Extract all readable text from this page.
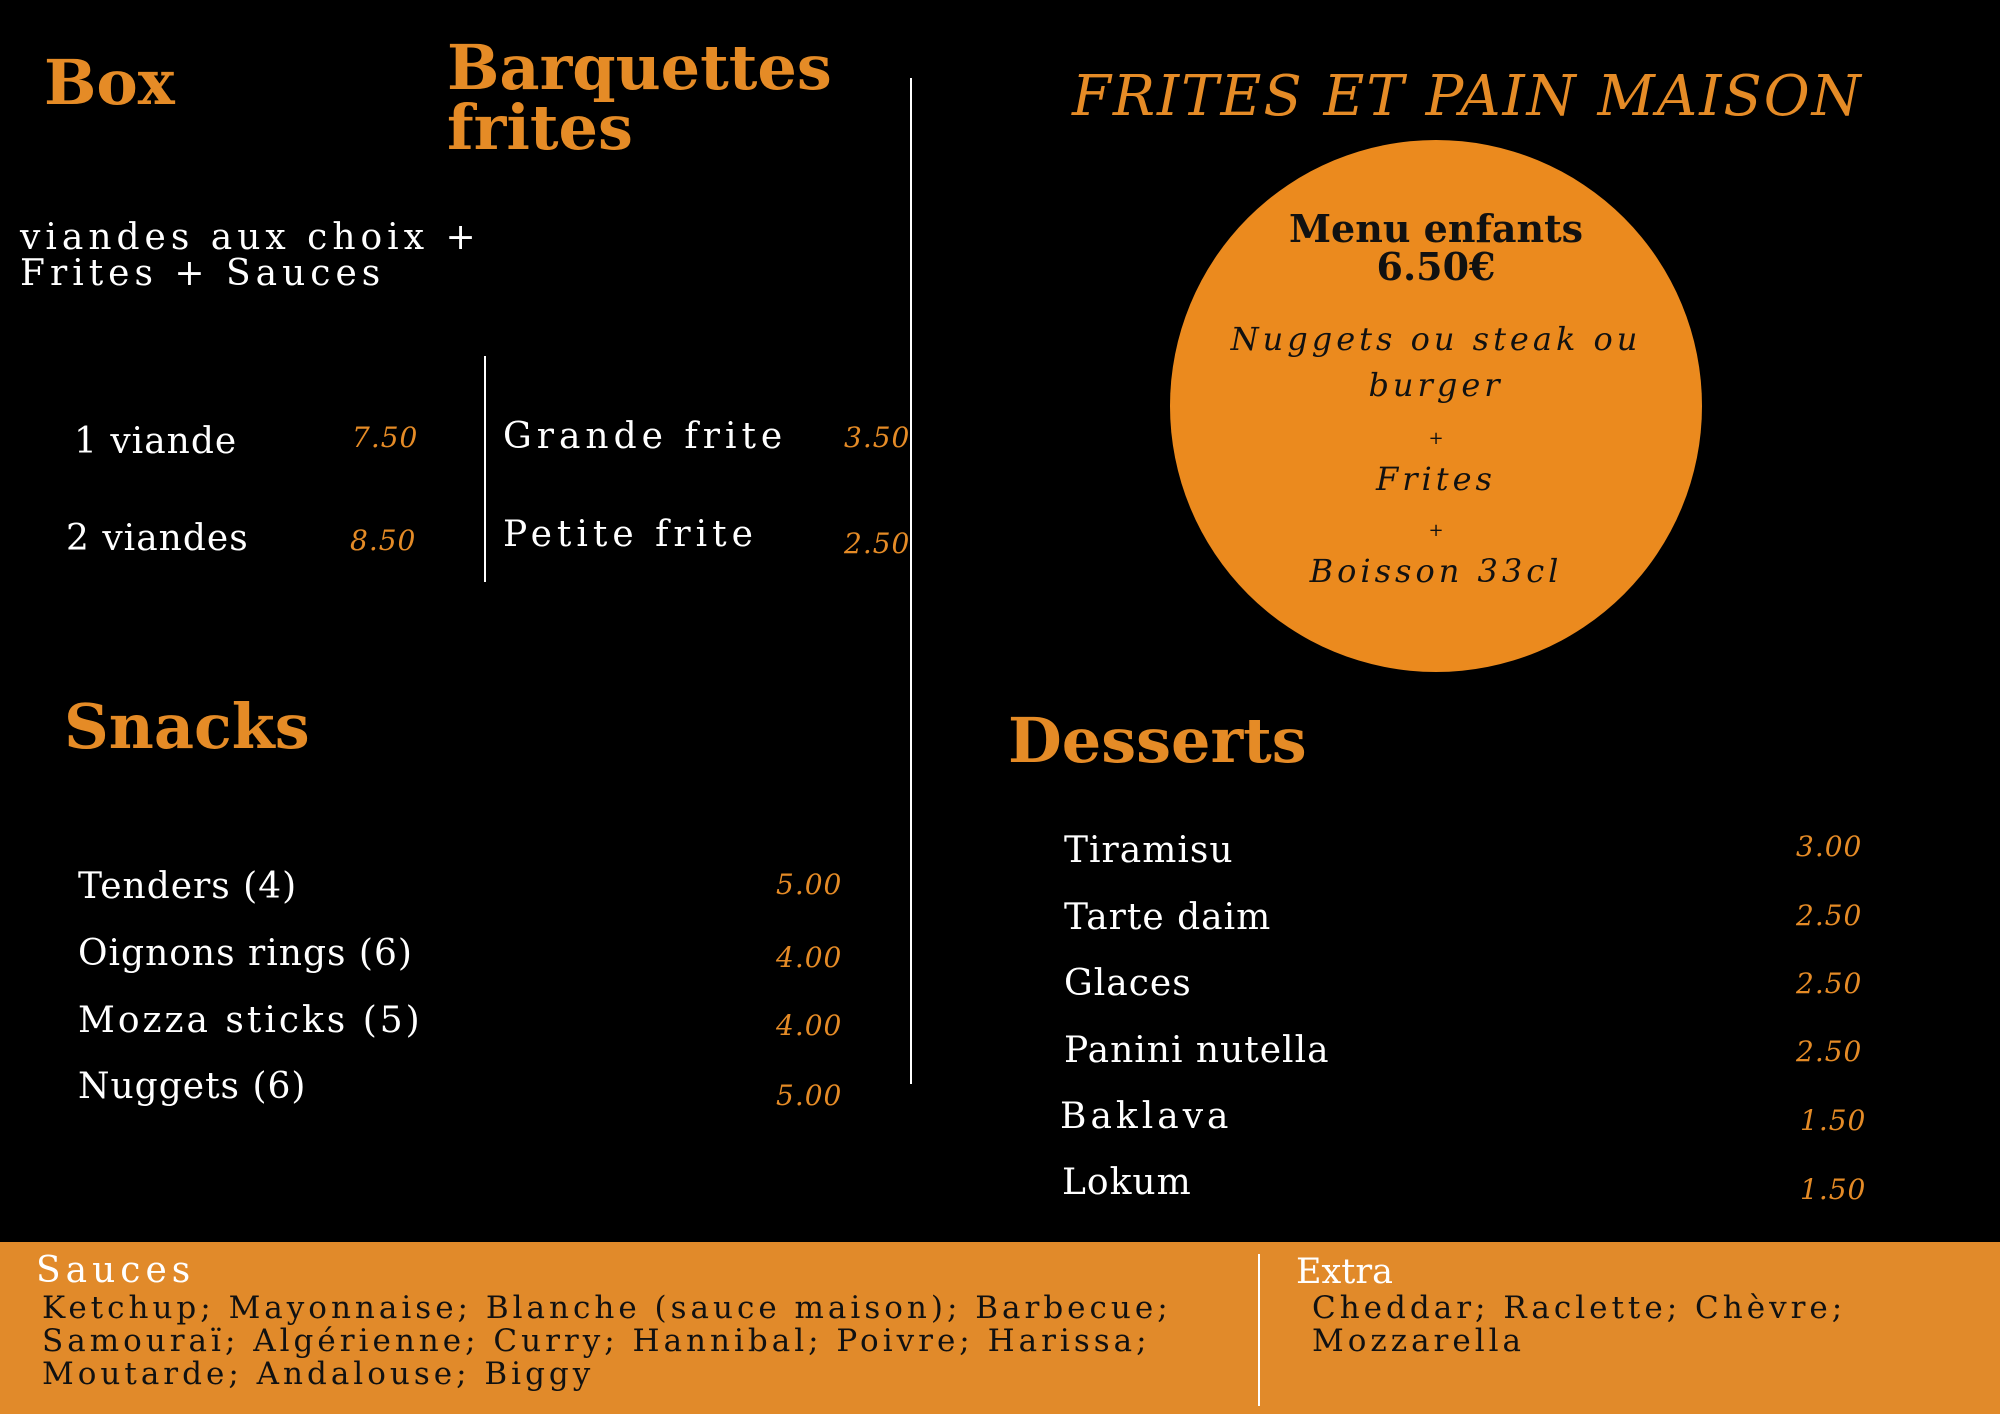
Box
viandes aux choix +
Frites + Sauces
1 viande	7.50
2 viandes	8.50
Barquettes
frites
Grande frite 3.50
Petite frite	2.50
Snacks
Tenders (4)	5.00
Oignons rings (6)	4.00
Mozza sticks (5)	4.00
Nuggets (6)	5.00
FRITES ET PAIN MAISON
Menu enfants
6.50€
Nuggets ou steak ou
burger
+
Frites
+
Boisson 33cl
Desserts
Tiramisu	3.00
Tarte daim	2.50
Glaces	2.50
Panini nutella	2.50
Baklava	1.50
Lokum	1.50
Sauces
Ketchup; Mayonnaise; Blanche (sauce maison); Barbecue;
Samouraï; Algérienne; Curry; Hannibal; Poivre; Harissa;
Moutarde; Andalouse; Biggy
Extra
Cheddar; Raclette; Chèvre;
Mozzarella
